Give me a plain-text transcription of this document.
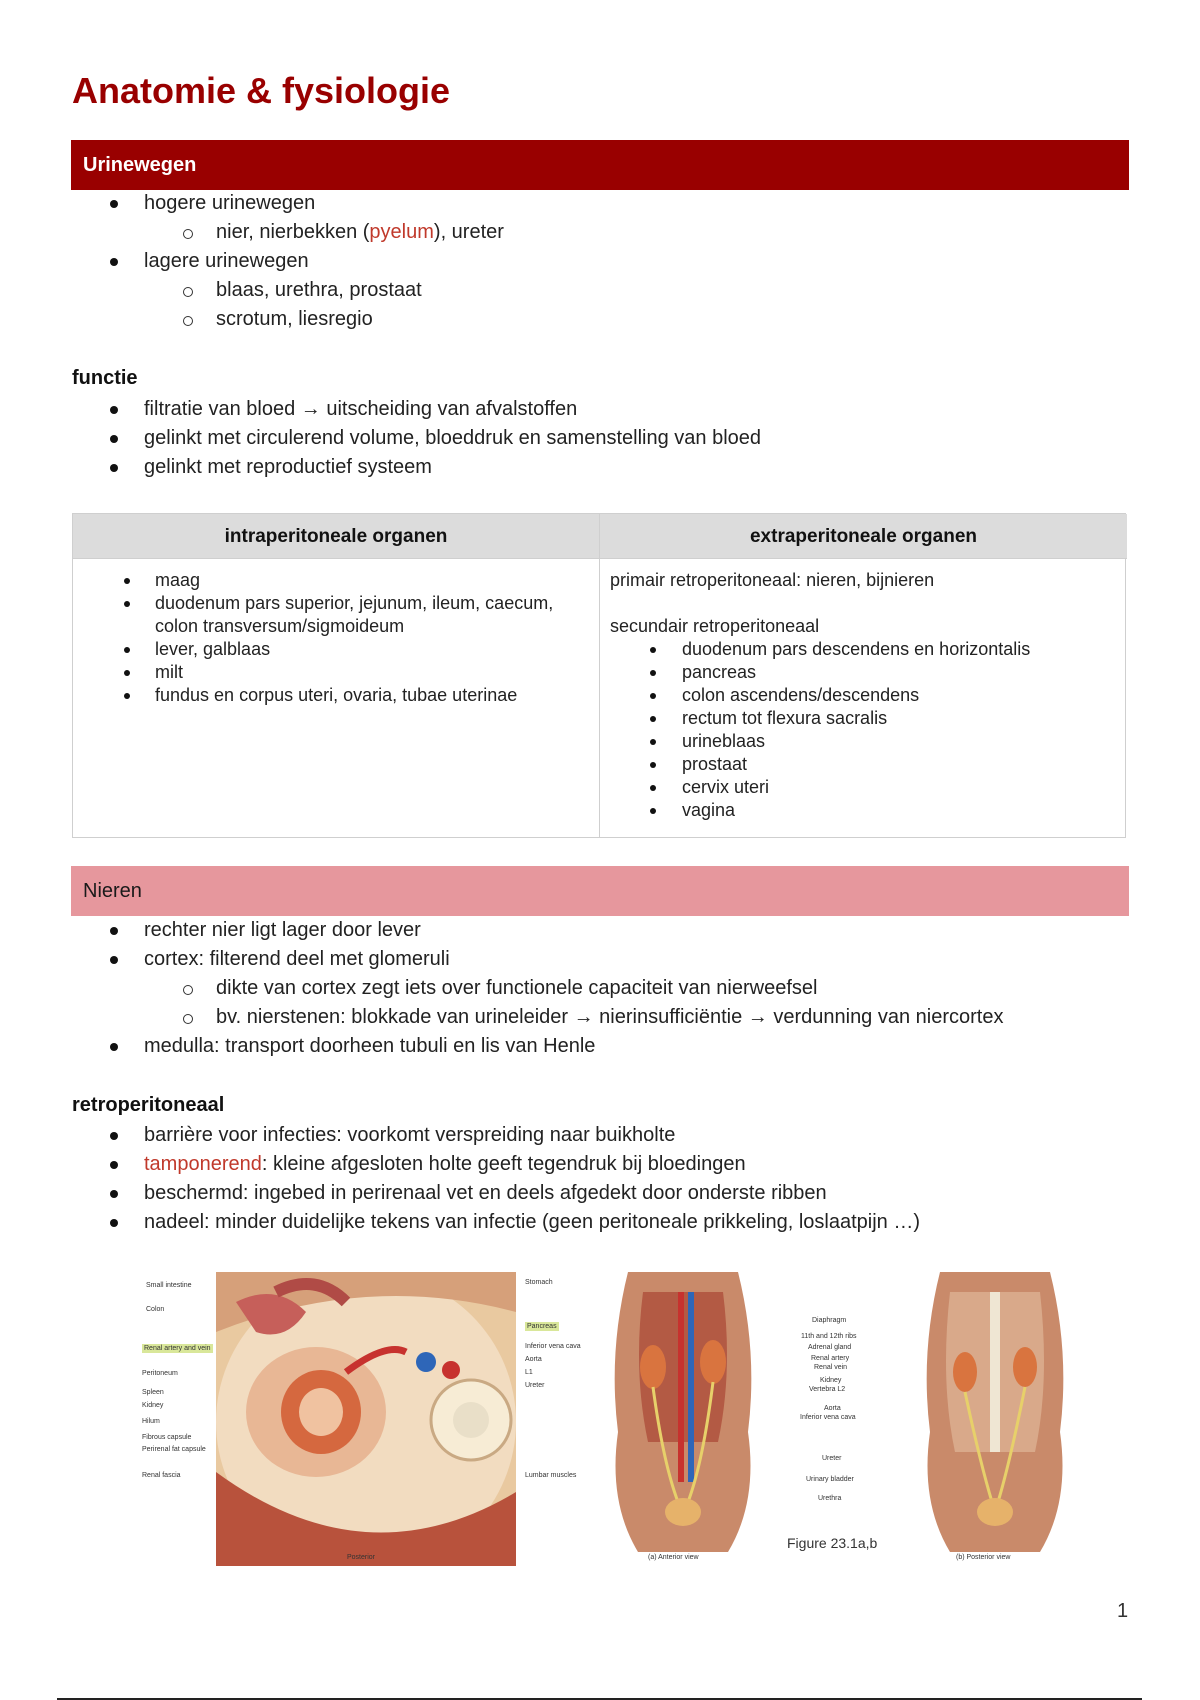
Anatomie & fysiologie
Urinewegen
hogere urinewegen
nier, nierbekken (pyelum), ureter
lagere urinewegen
blaas, urethra, prostaat
scrotum, liesregio
functie
filtratie van bloed → uitscheiding van afvalstoffen
gelinkt met circulerend volume, bloeddruk en samenstelling van bloed
gelinkt met reproductief systeem
intraperitoneale organen
maag
duodenum pars superior, jejunum, ileum, caecum, colon transversum/sigmoideum
lever, galblaas
milt
fundus en corpus uteri, ovaria, tubae uterinae
extraperitoneale organen
primair retroperitoneaal: nieren, bijnieren
secundair retroperitoneaal
duodenum pars descendens en horizontalis
pancreas
colon ascendens/descendens
rectum tot flexura sacralis
urineblaas
prostaat
cervix uteri
vagina
Nieren
rechter nier ligt lager door lever
cortex: filterend deel met glomeruli
dikte van cortex zegt iets over functionele capaciteit van nierweefsel
bv. nierstenen: blokkade van urineleider → nierinsufficiëntie → verdunning van niercortex
medulla: transport doorheen tubuli en lis van Henle
retroperitoneaal
barrière voor infecties: voorkomt verspreiding naar buikholte
tamponerend: kleine afgesloten holte geeft tegendruk bij bloedingen
beschermd: ingebed in perirenaal vet en deels afgedekt door onderste ribben
nadeel: minder duidelijke tekens van infectie (geen peritoneale prikkeling, loslaatpijn …)
Small intestine
Colon
Renal artery and vein
Peritoneum
Spleen
Kidney
Hilum
Fibrous capsule
Perirenal fat capsule
Renal fascia
Stomach
Pancreas
Inferior vena cava
Aorta
L1
Ureter
Lumbar muscles
Posterior
Diaphragm
11th and 12th ribs
Adrenal gland
Renal artery
Renal vein
Kidney
Vertebra L2
Aorta
Inferior vena cava
Ureter
Urinary bladder
Urethra
(a) Anterior view	(b) Posterior view
Figure 23.1a,b
1
